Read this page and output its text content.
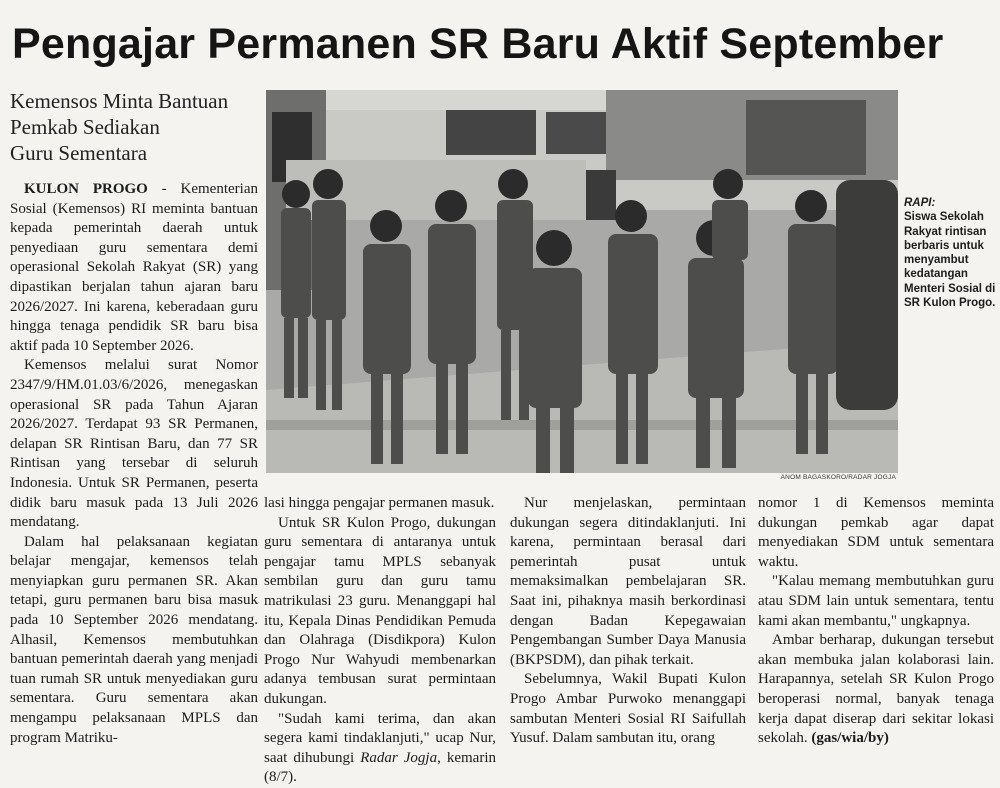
Pengajar Permanen SR Baru Aktif September
Kemensos Minta Bantuan
Pemkab Sediakan
Guru Sementara

KULON PROGO - Kementerian Sosial (Kemensos) RI meminta bantuan kepada pemerintah daerah untuk penyediaan guru sementara demi operasional Sekolah Rakyat (SR) yang dipastikan berjalan tahun ajaran baru 2026/2027. Ini karena, keberadaan guru hingga tenaga pendidik SR baru bisa aktif pada 10 September 2026.

Kemensos melalui surat Nomor 2347/9/HM.01.03/6/2026, menegaskan operasional SR pada Tahun Ajaran 2026/2027. Terdapat 93 SR Permanen, delapan SR Rintisan Baru, dan 77 SR Rintisan yang tersebar di seluruh Indonesia. Untuk SR Permanen, peserta didik baru masuk pada 13 Juli 2026 mendatang.

Dalam hal pelaksanaan kegiatan belajar mengajar, kemensos telah menyiapkan guru permanen SR. Akan tetapi, guru permanen baru bisa masuk pada 10 September 2026 mendatang. Alhasil, Kemensos membutuhkan bantuan pemerintah daerah yang menjadi tuan rumah SR untuk menyediakan guru sementara. Guru sementara akan mengampu pelaksanaan MPLS dan program Matriku-

ANOM BAGASKORO/RADAR JOGJA
RAPI:
Siswa Sekolah Rakyat rintisan berbaris untuk menyambut kedatangan Menteri Sosial di SR Kulon Progo.

lasi hingga pengajar permanen masuk.

Untuk SR Kulon Progo, dukungan guru sementara di antaranya untuk pengajar tamu MPLS sebanyak sembilan guru dan guru tamu matrikulasi 23 guru. Menanggapi hal itu, Kepala Dinas Pendidikan Pemuda dan Olahraga (Disdikpora) Kulon Progo Nur Wahyudi membenarkan adanya tembusan surat permintaan dukungan.

"Sudah kami terima, dan akan segera kami tindaklanjuti," ucap Nur, saat dihubungi Radar Jogja, kemarin (8/7).

Nur menjelaskan, permintaan dukungan segera ditindaklanjuti. Ini karena, permintaan berasal dari pemerintah pusat untuk memaksimalkan pembelajaran SR. Saat ini, pihaknya masih berkordinasi dengan Badan Kepegawaian Pengembangan Sumber Daya Manusia (BKPSDM), dan pihak terkait.

Sebelumnya, Wakil Bupati Kulon Progo Ambar Purwoko menanggapi sambutan Menteri Sosial RI Saifullah Yusuf. Dalam sambutan itu, orang

nomor 1 di Kemensos meminta dukungan pemkab agar dapat menyediakan SDM untuk sementara waktu.

"Kalau memang membutuhkan guru atau SDM lain untuk sementara, tentu kami akan membantu," ungkapnya.

Ambar berharap, dukungan tersebut akan membuka jalan kolaborasi lain. Harapannya, setelah SR Kulon Progo beroperasi normal, banyak tenaga kerja dapat diserap dari sekitar lokasi sekolah. (gas/wia/by)
